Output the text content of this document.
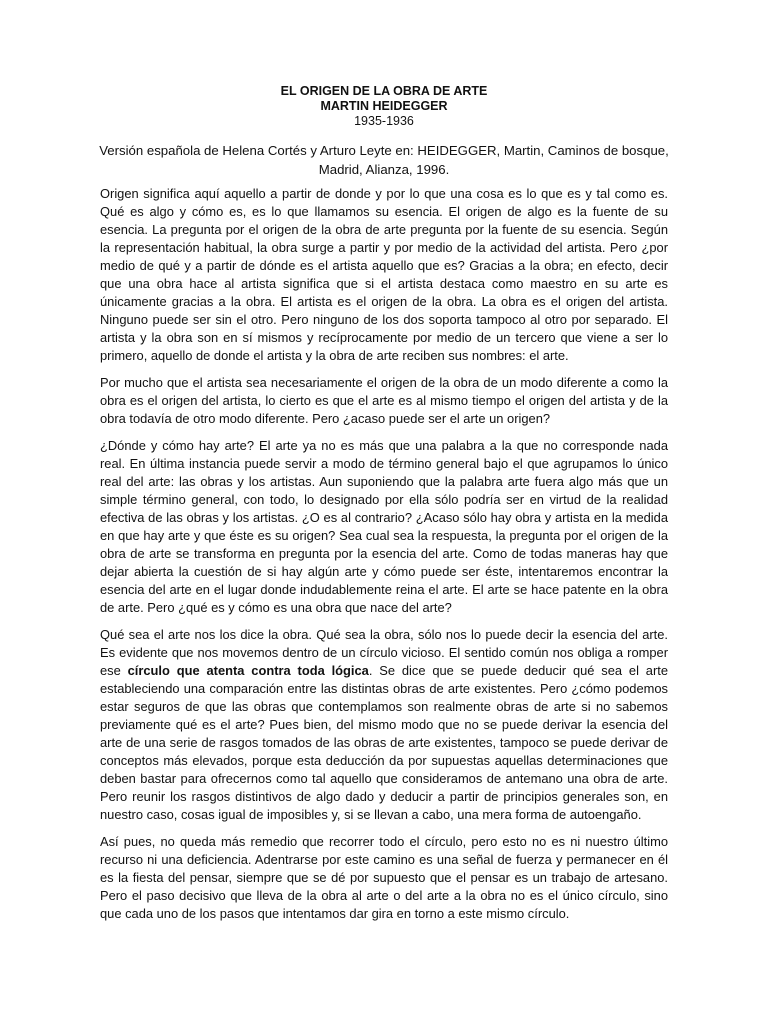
EL ORIGEN DE LA OBRA DE ARTE
MARTIN HEIDEGGER
1935-1936
Versión española de Helena Cortés y Arturo Leyte en: HEIDEGGER, Martin, Caminos de bosque, Madrid, Alianza, 1996.

Origen significa aquí aquello a partir de donde y por lo que una cosa es lo que es y tal como es. Qué es algo y cómo es, es lo que llamamos su esencia. El origen de algo es la fuente de su esencia. La pregunta por el origen de la obra de arte pregunta por la fuente de su esencia. Según la representación habitual, la obra surge a partir y por medio de la actividad del artista. Pero ¿por medio de qué y a partir de dónde es el artista aquello que es? Gracias a la obra; en efecto, decir que una obra hace al artista significa que si el artista destaca como maestro en su arte es únicamente gracias a la obra. El artista es el origen de la obra. La obra es el origen del artista. Ninguno puede ser sin el otro. Pero ninguno de los dos soporta tampoco al otro por separado. El artista y la obra son en sí mismos y recíprocamente por medio de un tercero que viene a ser lo primero, aquello de donde el artista y la obra de arte reciben sus nombres: el arte.

Por mucho que el artista sea necesariamente el origen de la obra de un modo diferente a como la obra es el origen del artista, lo cierto es que el arte es al mismo tiempo el origen del artista y de la obra todavía de otro modo diferente. Pero ¿acaso puede ser el arte un origen?

¿Dónde y cómo hay arte? El arte ya no es más que una palabra a la que no corresponde nada real. En última instancia puede servir a modo de término general bajo el que agrupamos lo único real del arte: las obras y los artistas. Aun suponiendo que la palabra arte fuera algo más que un simple término general, con todo, lo designado por ella sólo podría ser en virtud de la realidad efectiva de las obras y los artistas. ¿O es al contrario? ¿Acaso sólo hay obra y artista en la medida en que hay arte y que éste es su origen? Sea cual sea la respuesta, la pregunta por el origen de la obra de arte se transforma en pregunta por la esencia del arte. Como de todas maneras hay que dejar abierta la cuestión de si hay algún arte y cómo puede ser éste, intentaremos encontrar la esencia del arte en el lugar donde indudablemente reina el arte. El arte se hace patente en la obra de arte. Pero ¿qué es y cómo es una obra que nace del arte?

Qué sea el arte nos los dice la obra. Qué sea la obra, sólo nos lo puede decir la esencia del arte. Es evidente que nos movemos dentro de un círculo vicioso. El sentido común nos obliga a romper ese círculo que atenta contra toda lógica. Se dice que se puede deducir qué sea el arte estableciendo una comparación entre las distintas obras de arte existentes. Pero ¿cómo podemos estar seguros de que las obras que contemplamos son realmente obras de arte si no sabemos previamente qué es el arte? Pues bien, del mismo modo que no se puede derivar la esencia del arte de una serie de rasgos tomados de las obras de arte existentes, tampoco se puede derivar de conceptos más elevados, porque esta deducción da por supuestas aquellas determinaciones que deben bastar para ofrecernos como tal aquello que consideramos de antemano una obra de arte. Pero reunir los rasgos distintivos de algo dado y deducir a partir de principios generales son, en nuestro caso, cosas igual de imposibles y, si se llevan a cabo, una mera forma de autoengaño.

Así pues, no queda más remedio que recorrer todo el círculo, pero esto no es ni nuestro último recurso ni una deficiencia. Adentrarse por este camino es una señal de fuerza y permanecer en él es la fiesta del pensar, siempre que se dé por supuesto que el pensar es un trabajo de artesano. Pero el paso decisivo que lleva de la obra al arte o del arte a la obra no es el único círculo, sino que cada uno de los pasos que intentamos dar gira en torno a este mismo círculo.
